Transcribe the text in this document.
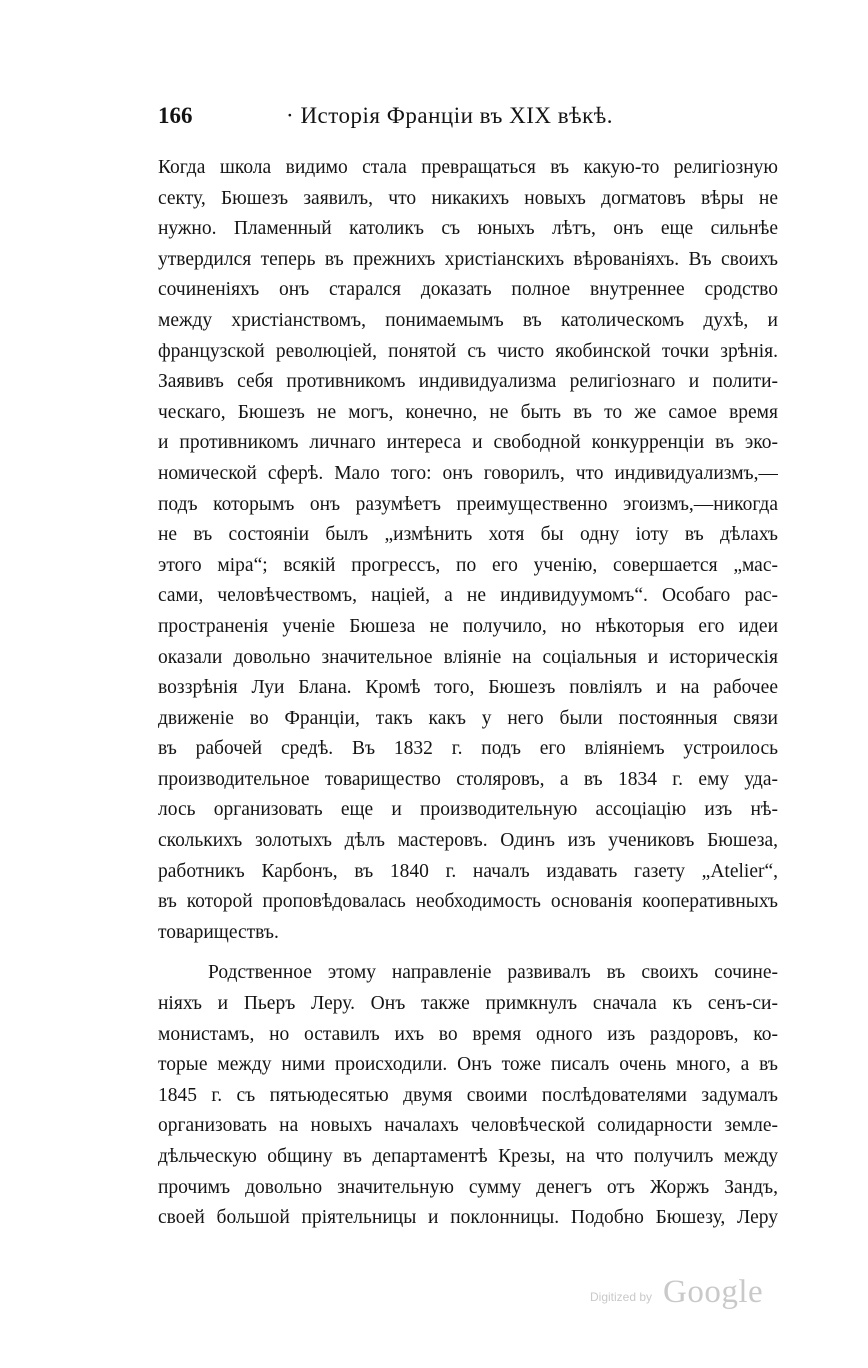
166	· Исторія Франціи въ XIX вѣкѣ.
Когда школа видимо стала превращаться въ какую-то религіозную
секту, Бюшезъ заявилъ, что никакихъ новыхъ догматовъ вѣры не
нужно. Пламенный католикъ съ юныхъ лѣтъ, онъ еще сильнѣе
утвердился теперь въ прежнихъ христіанскихъ вѣрованіяхъ. Въ своихъ
сочиненіяхъ онъ старался доказать полное внутреннее сродство
между христіанствомъ, понимаемымъ въ католическомъ духѣ, и
французской революціей, понятой съ чисто якобинской точки зрѣнія.
Заявивъ себя противникомъ индивидуализма религіознаго и полити-
ческаго, Бюшезъ не могъ, конечно, не быть въ то же самое время
и противникомъ личнаго интереса и свободной конкурренціи въ эко-
номической сферѣ. Мало того: онъ говорилъ, что индивидуализмъ,—
подъ которымъ онъ разумѣетъ преимущественно эгоизмъ,—никогда
не въ состояніи былъ „измѣнить хотя бы одну іоту въ дѣлахъ
этого міра“; всякій прогрессъ, по его ученію, совершается „мас-
сами, человѣчествомъ, націей, а не индивидуумомъ“. Особаго рас-
пространенія ученіе Бюшеза не получило, но нѣкоторыя его идеи
оказали довольно значительное вліяніе на соціальныя и историческія
воззрѣнія Луи Блана. Кромѣ того, Бюшезъ повліялъ и на рабочее
движеніе во Франціи, такъ какъ у него были постоянныя связи
въ рабочей средѣ. Въ 1832 г. подъ его вліяніемъ устроилось
производительное товарищество столяровъ, а въ 1834 г. ему уда-
лось организовать еще и производительную ассоціацію изъ нѣ-
сколькихъ золотыхъ дѣлъ мастеровъ. Одинъ изъ учениковъ Бюшеза,
работникъ Карбонъ, въ 1840 г. началъ издавать газету „Atelier“,
въ которой проповѣдовалась необходимость основанія кооперативныхъ
товариществъ.
Родственное этому направленіе развивалъ въ своихъ сочине-
ніяхъ и Пьеръ Леру. Онъ также примкнулъ сначала къ сенъ-си-
монистамъ, но оставилъ ихъ во время одного изъ раздоровъ, ко-
торые между ними происходили. Онъ тоже писалъ очень много, а въ
1845 г. съ пятьюдесятью двумя своими послѣдователями задумалъ
организовать на новыхъ началахъ человѣческой солидарности земле-
дѣльческую общину въ департаментѣ Крезы, на что получилъ между
прочимъ довольно значительную сумму денегъ отъ Жоржъ Зандъ,
своей большой пріятельницы и поклонницы. Подобно Бюшезу, Леру
Digitized by Google
